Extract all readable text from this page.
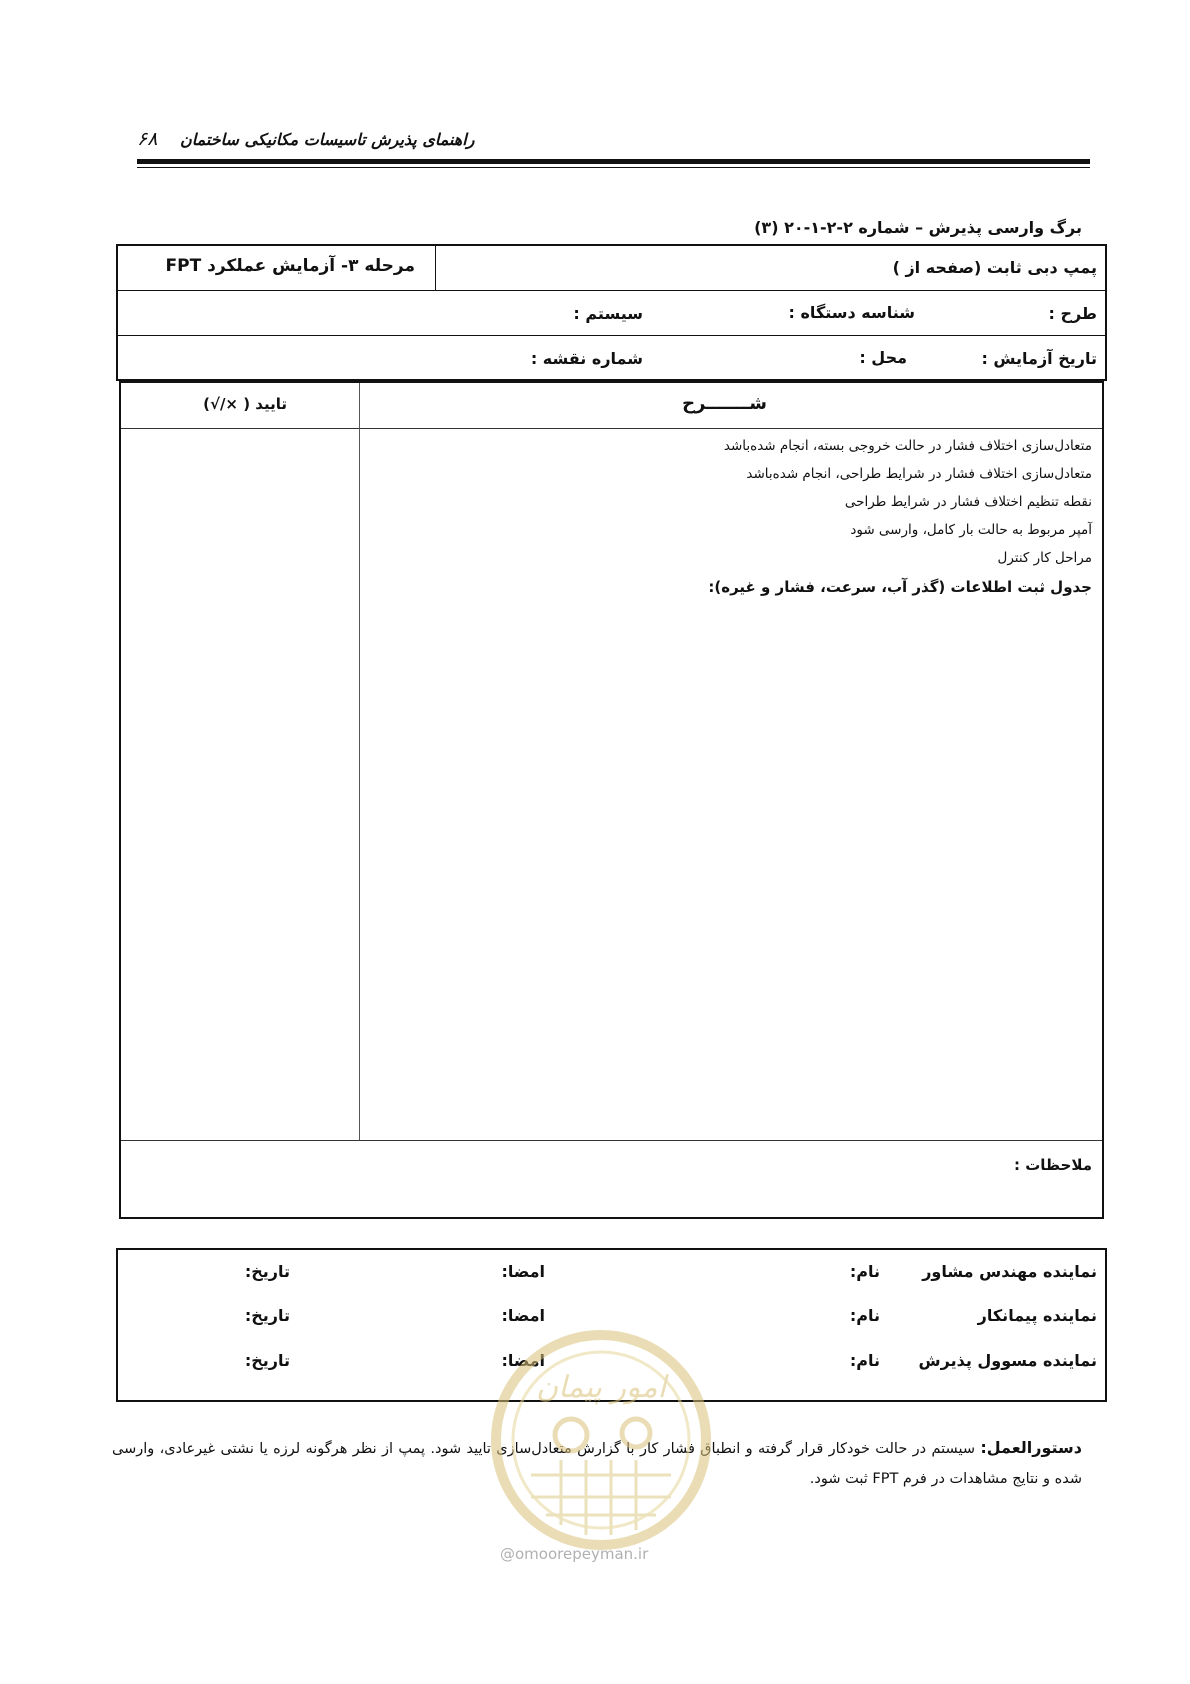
۶۸ راهنمای پذیرش تاسیسات مکانیکی ساختمان
برگ وارسی پذیرش – شماره ۲-۲-۱-۲۰ (۳)
پمپ دبی ثابت (صفحه از )
مرحله ۳- آزمایش عملکرد FPT
طرح :
شناسه دستگاه :
سیستم :
تاریخ آزمایش :
محل :
شماره نقشه :
شـــــــرح
تایید ( ×/√)
متعادل‌سازی اختلاف فشار در حالت خروجی بسته، انجام شده‌باشد
متعادل‌سازی اختلاف فشار در شرایط طراحی، انجام شده‌باشد
نقطه تنظیم اختلاف فشار در شرایط طراحی
آمپر مربوط به حالت بار کامل، وارسی شود
مراحل کار کنترل
جدول ثبت اطلاعات (گذر آب، سرعت، فشار و غیره):
ملاحظات :
نماینده مهندس مشاور
نام:
امضا:
تاریخ:
نماینده پیمانکار
نام:
امضا:
تاریخ:
نماینده مسوول پذیرش
نام:
امضا:
تاریخ:
دستورالعمل: سیستم در حالت خودکار قرار گرفته و انطباق فشار کار با گزارش متعادل‌سازی تایید شود. پمپ از نظر هرگونه لرزه یا نشتی غیرعادی، وارسی شده و نتایج مشاهدات در فرم FPT ثبت شود.
امور پیمان
@omoorepeyman.ir
